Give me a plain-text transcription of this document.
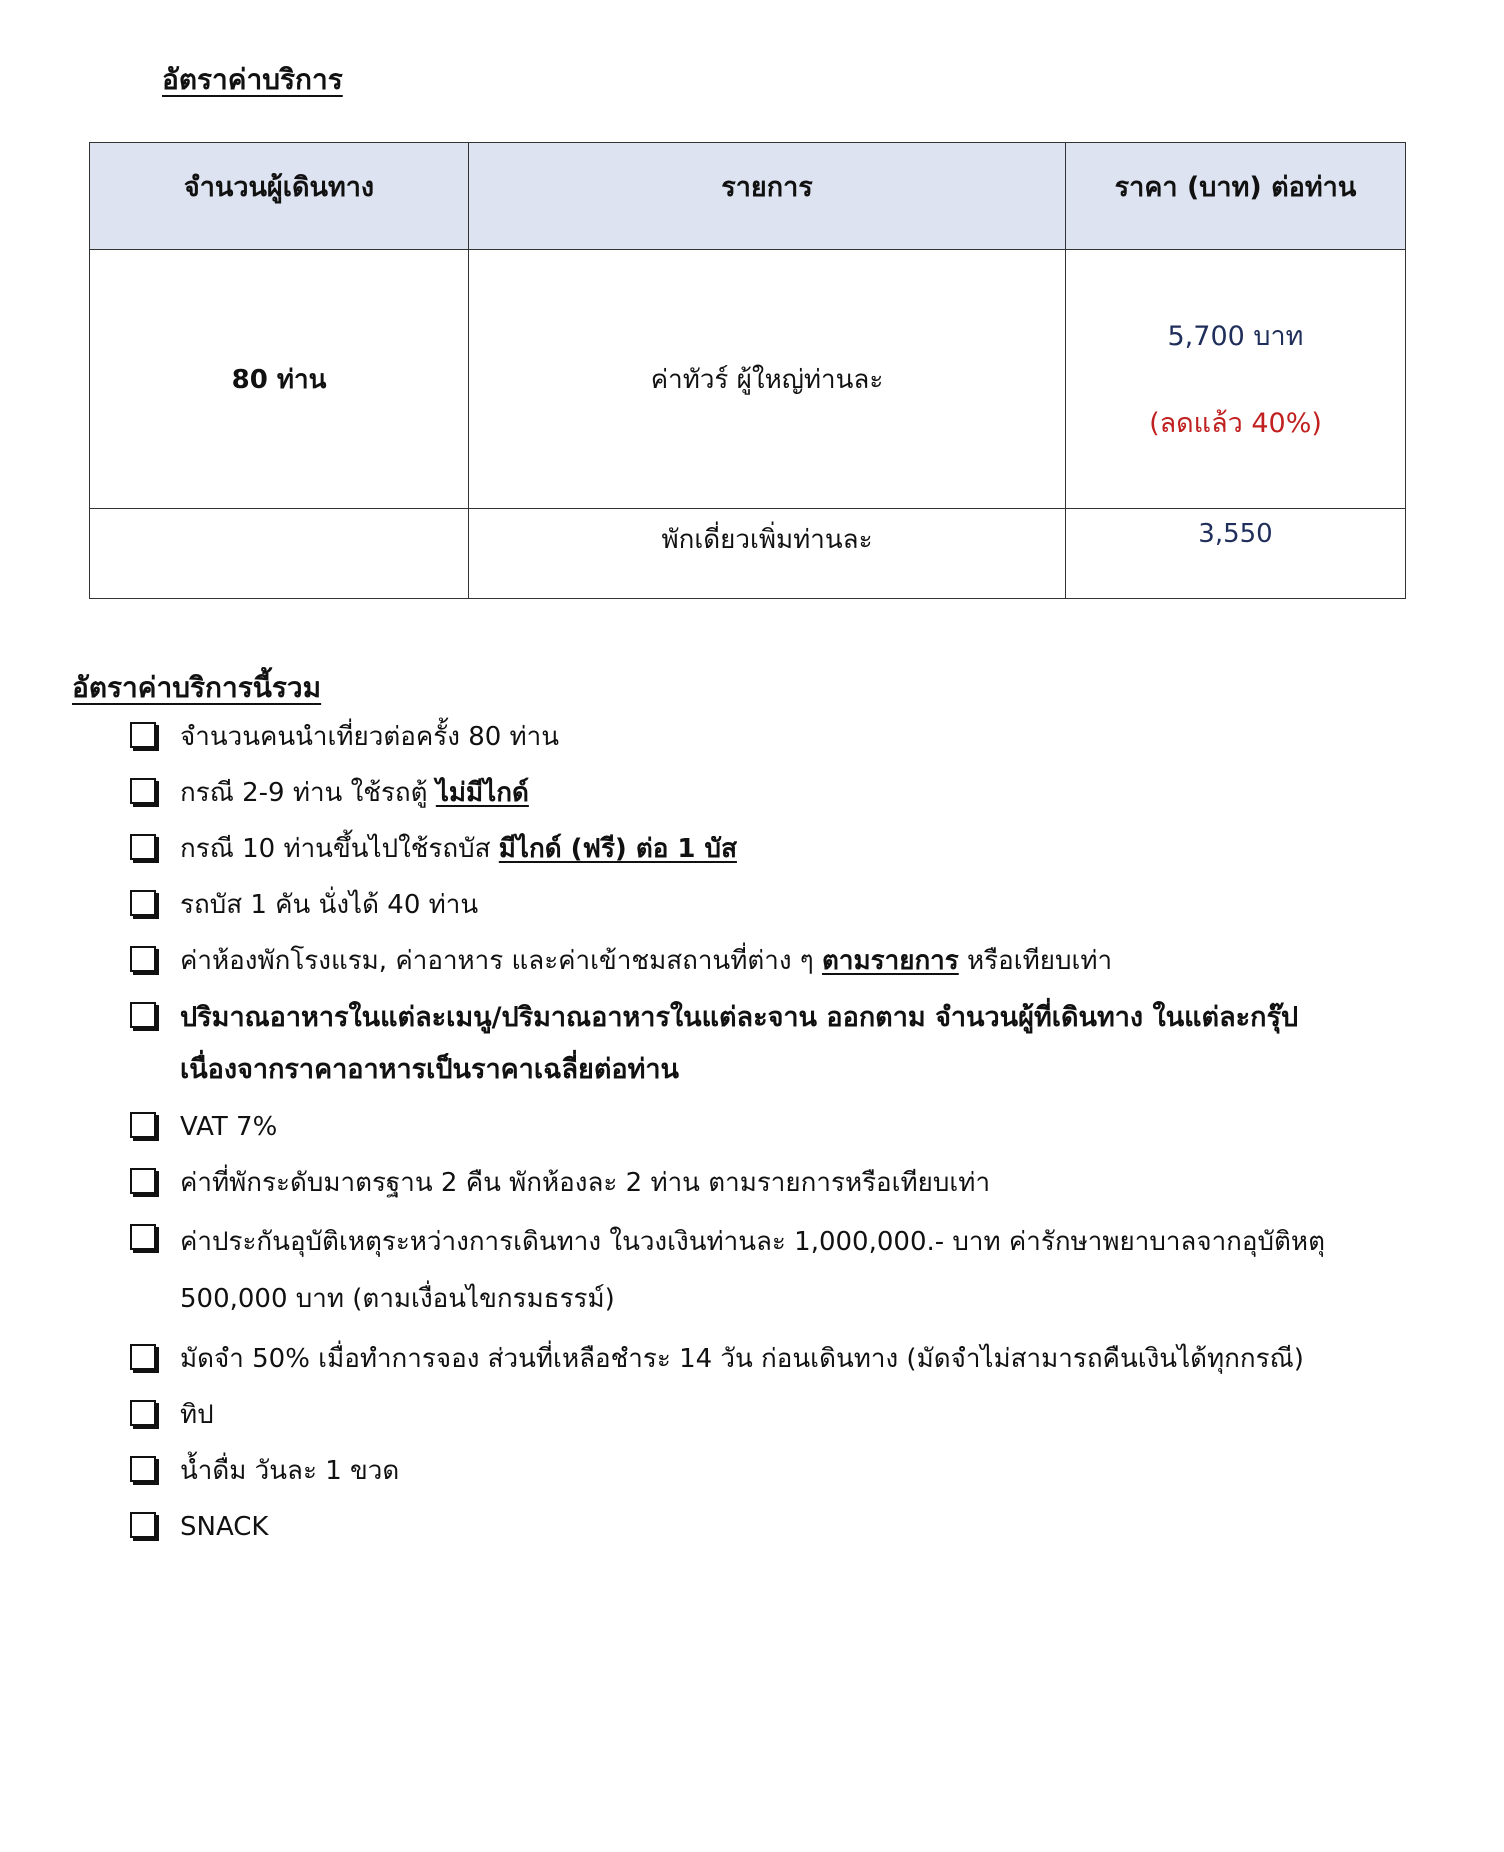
อัตราค่าบริการ
จำนวนผู้เดินทาง	รายการ	ราคา (บาท) ต่อท่าน
80 ท่าน	ค่าทัวร์ ผู้ใหญ่ท่านละ	5,700 บาท
(ลดแล้ว 40%)

	พักเดี่ยวเพิ่มท่านละ	3,550
อัตราค่าบริการนี้รวม
จำนวนคนนำเที่ยวต่อครั้ง 80 ท่าน
กรณี 2-9 ท่าน ใช้รถตู้ ไม่มีไกด์
กรณี 10 ท่านขึ้นไปใช้รถบัส มีไกด์ (ฟรี) ต่อ 1 บัส
รถบัส 1 คัน นั่งได้ 40 ท่าน
ค่าห้องพักโรงแรม, ค่าอาหาร และค่าเข้าชมสถานที่ต่าง ๆ ตามรายการ หรือเทียบเท่า
ปริมาณอาหารในแต่ละเมนู/ปริมาณอาหารในแต่ละจาน ออกตาม จำนวนผู้ที่เดินทาง ในแต่ละกรุ๊ป เนื่องจากราคาอาหารเป็นราคาเฉลี่ยต่อท่าน
VAT 7%
ค่าที่พักระดับมาตรฐาน 2 คืน พักห้องละ 2 ท่าน ตามรายการหรือเทียบเท่า
ค่าประกันอุบัติเหตุระหว่างการเดินทาง ในวงเงินท่านละ 1,000,000.- บาท ค่ารักษาพยาบาลจากอุบัติหตุ 500,000 บาท (ตามเงื่อนไขกรมธรรม์)
มัดจำ 50% เมื่อทำการจอง ส่วนที่เหลือชำระ 14 วัน ก่อนเดินทาง (มัดจำไม่สามารถคืนเงินได้ทุกกรณี)
ทิป
น้ำดื่ม วันละ 1 ขวด
SNACK
